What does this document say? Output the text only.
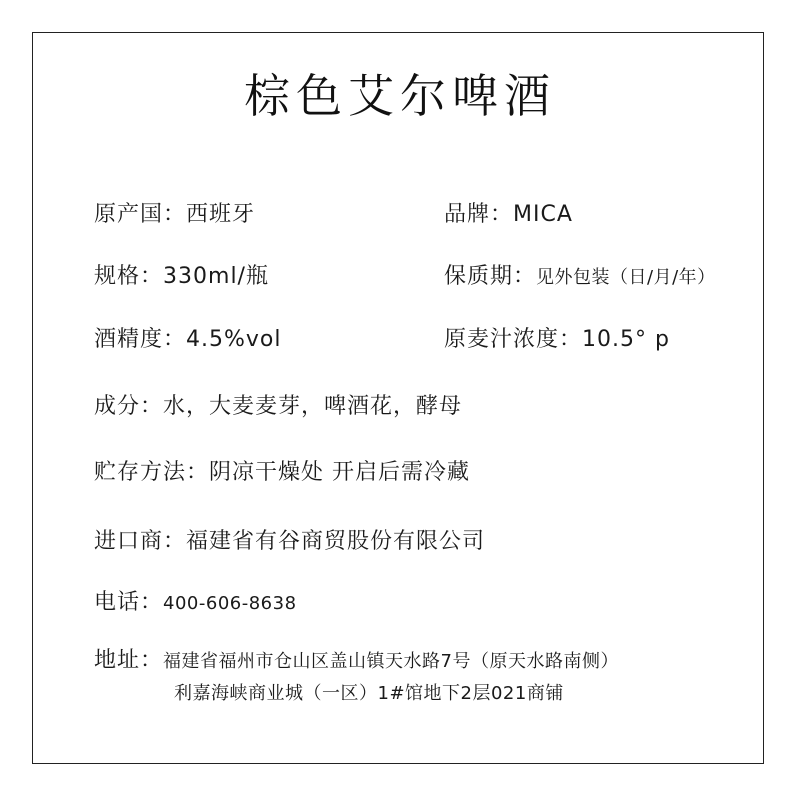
棕色艾尔啤酒
原产国：西班牙	品牌：MICA
规格：330ml/瓶	保质期：见外包装（日/月/年）
酒精度：4.5%vol	原麦汁浓度：10.5° p
成分：水，大麦麦芽，啤酒花，酵母
贮存方法：阴凉干燥处 开启后需冷藏
进口商：福建省有谷商贸股份有限公司
电话：400-606-8638
地址：福建省福州市仓山区盖山镇天水路7号（原天水路南侧）
利嘉海峡商业城（一区）1#馆地下2层021商铺
